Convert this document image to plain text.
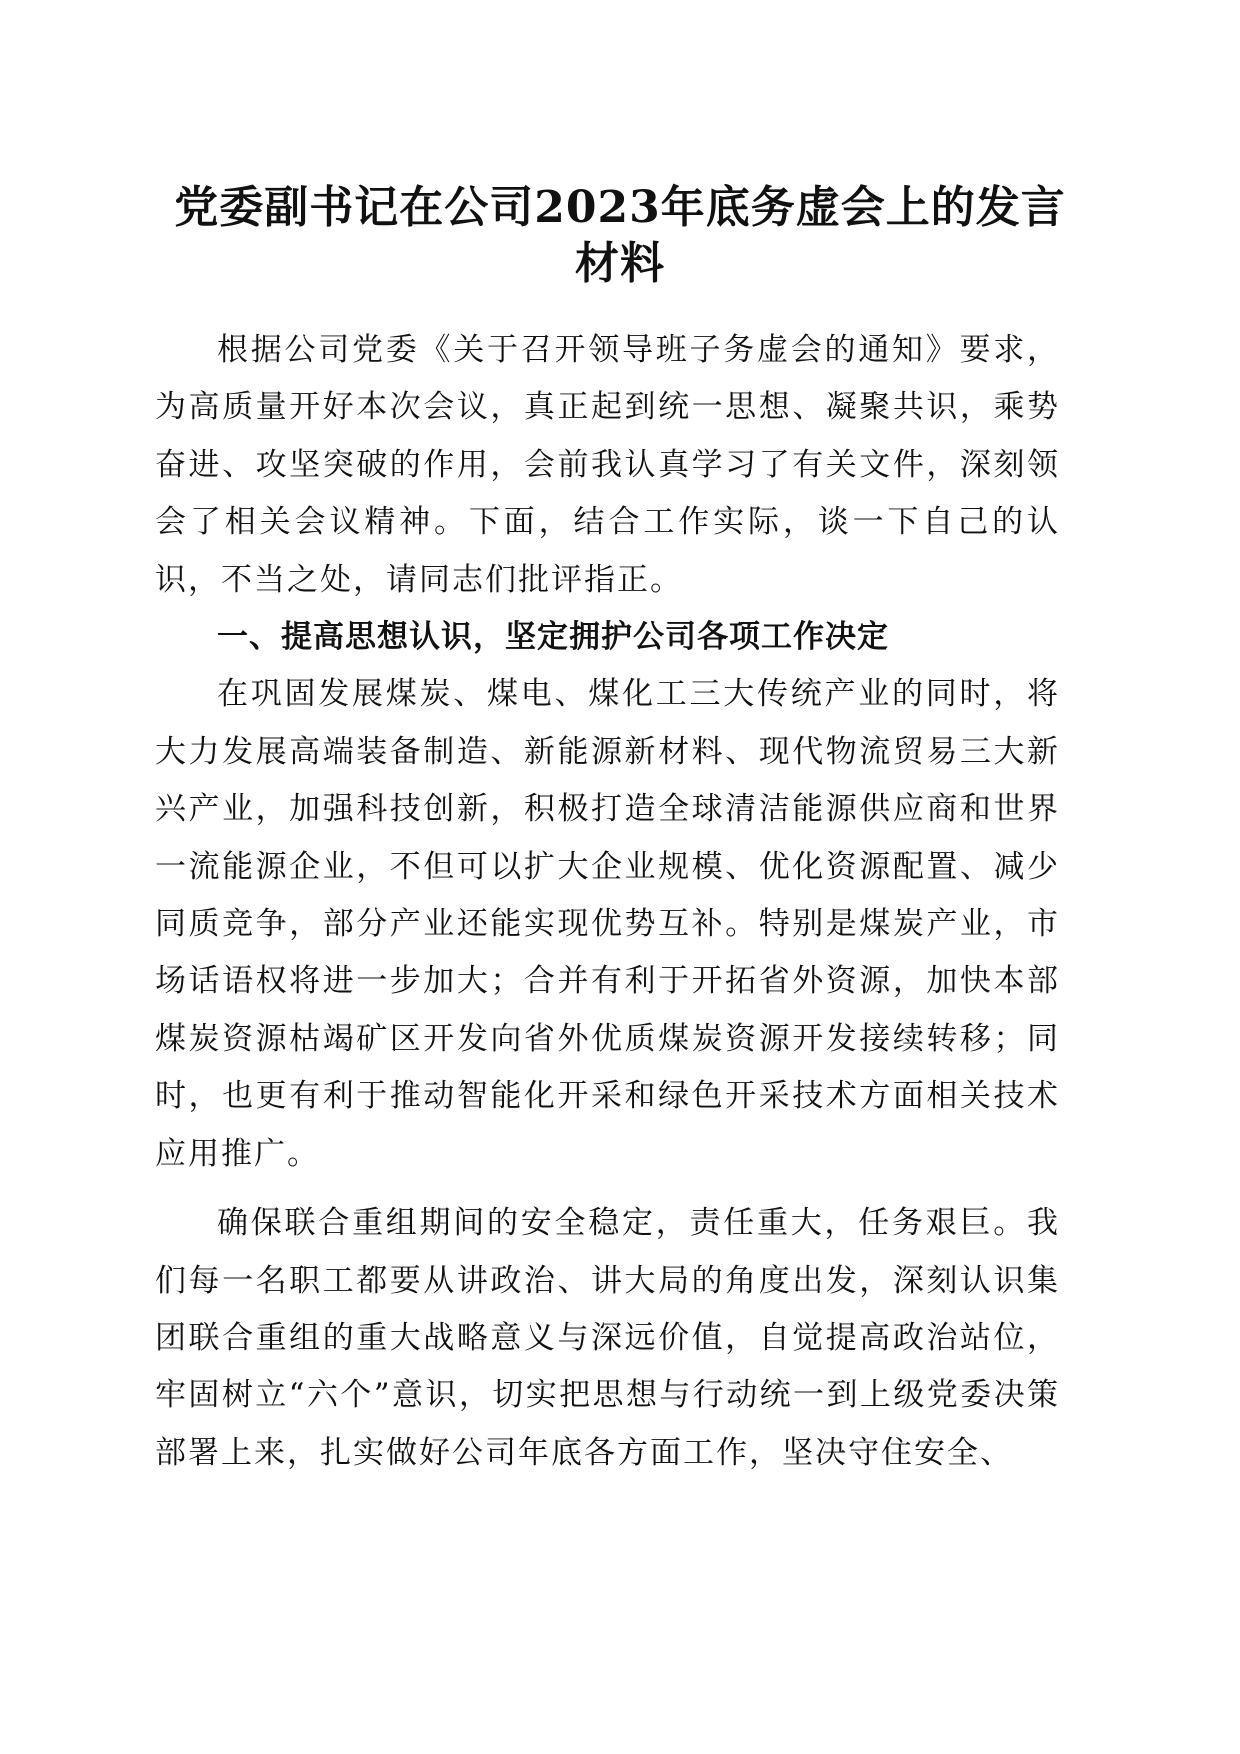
党委副书记在公司2023年底务虚会上的发言
材料

根据公司党委《关于召开领导班子务虚会的通知》要求，为高质量开好本次会议，真正起到统一思想、凝聚共识，乘势奋进、攻坚突破的作用，会前我认真学习了有关文件，深刻领会了相关会议精神。下面，结合工作实际，谈一下自己的认识，不当之处，请同志们批评指正。

一、提高思想认识，坚定拥护公司各项工作决定

在巩固发展煤炭、煤电、煤化工三大传统产业的同时，将大力发展高端装备制造、新能源新材料、现代物流贸易三大新兴产业，加强科技创新，积极打造全球清洁能源供应商和世界一流能源企业，不但可以扩大企业规模、优化资源配置、减少同质竞争，部分产业还能实现优势互补。特别是煤炭产业，市场话语权将进一步加大；合并有利于开拓省外资源，加快本部煤炭资源枯竭矿区开发向省外优质煤炭资源开发接续转移；同时，也更有利于推动智能化开采和绿色开采技术方面相关技术应用推广。

确保联合重组期间的安全稳定，责任重大，任务艰巨。我们每一名职工都要从讲政治、讲大局的角度出发，深刻认识集团联合重组的重大战略意义与深远价值，自觉提高政治站位，牢固树立“六个”意识，切实把思想与行动统一到上级党委决策部署上来，扎实做好公司年底各方面工作，坚决守住安全、
